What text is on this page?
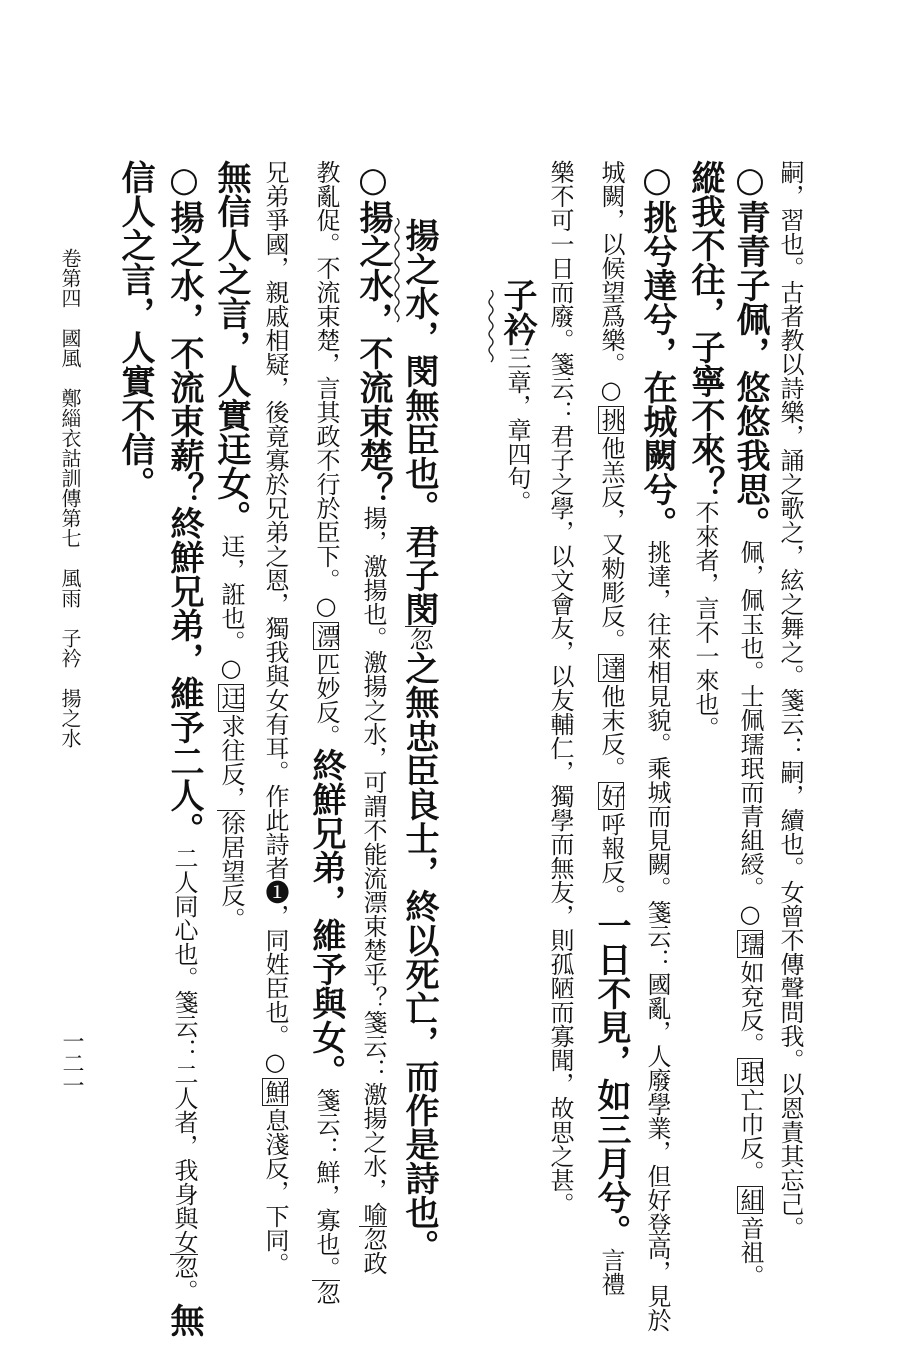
嗣，習也。古者教以詩樂，誦之歌之，絃之舞之。箋云：嗣，續也。女曾不傳聲問我。以恩責其忘己。
○青青子佩，悠悠我思。佩，佩玉也。士佩瓀珉而青組綬。○瓀如兗反。珉亡巾反。組音祖。
縱我不往，子寧不來？不來者，言不一來也。
○挑兮達兮，在城闕兮。挑達，往來相見貌。乘城而見闕。箋云：國亂，人廢學業，但好登高，見於
城闕，以候望爲樂。○挑他羔反，又勑彫反。達他末反。好呼報反。一日不見，如三月兮。言禮
樂不可一日而廢。箋云：君子之學，以文會友，以友輔仁，獨學而無友，則孤陋而寡聞，故思之甚。
子衿三章，章四句。
揚之水，閔無臣也。君子閔忽之無忠臣良士，終以死亡，而作是詩也。
○揚之水，不流束楚？揚，激揚也。激揚之水，可謂不能流漂束楚乎？箋云：激揚之水，喻忽政
教亂促。不流束楚，言其政不行於臣下。○漂匹妙反。終鮮兄弟，維予與女。箋云：鮮，寡也。忽
兄弟爭國，親戚相疑，後竟寡於兄弟之恩，獨我與女有耳。作此詩者❶，同姓臣也。○鮮息淺反，下同。
無信人之言，人實迋女。迋，誑也。○迋求往反，徐居望反。
○揚之水，不流束薪？終鮮兄弟，維予二人。二人同心也。箋云：二人者，我身與女忽。無
信人之言，人實不信。
卷第四　國風　鄭緇衣詁訓傳第七　風雨　子衿　揚之水
一二一
